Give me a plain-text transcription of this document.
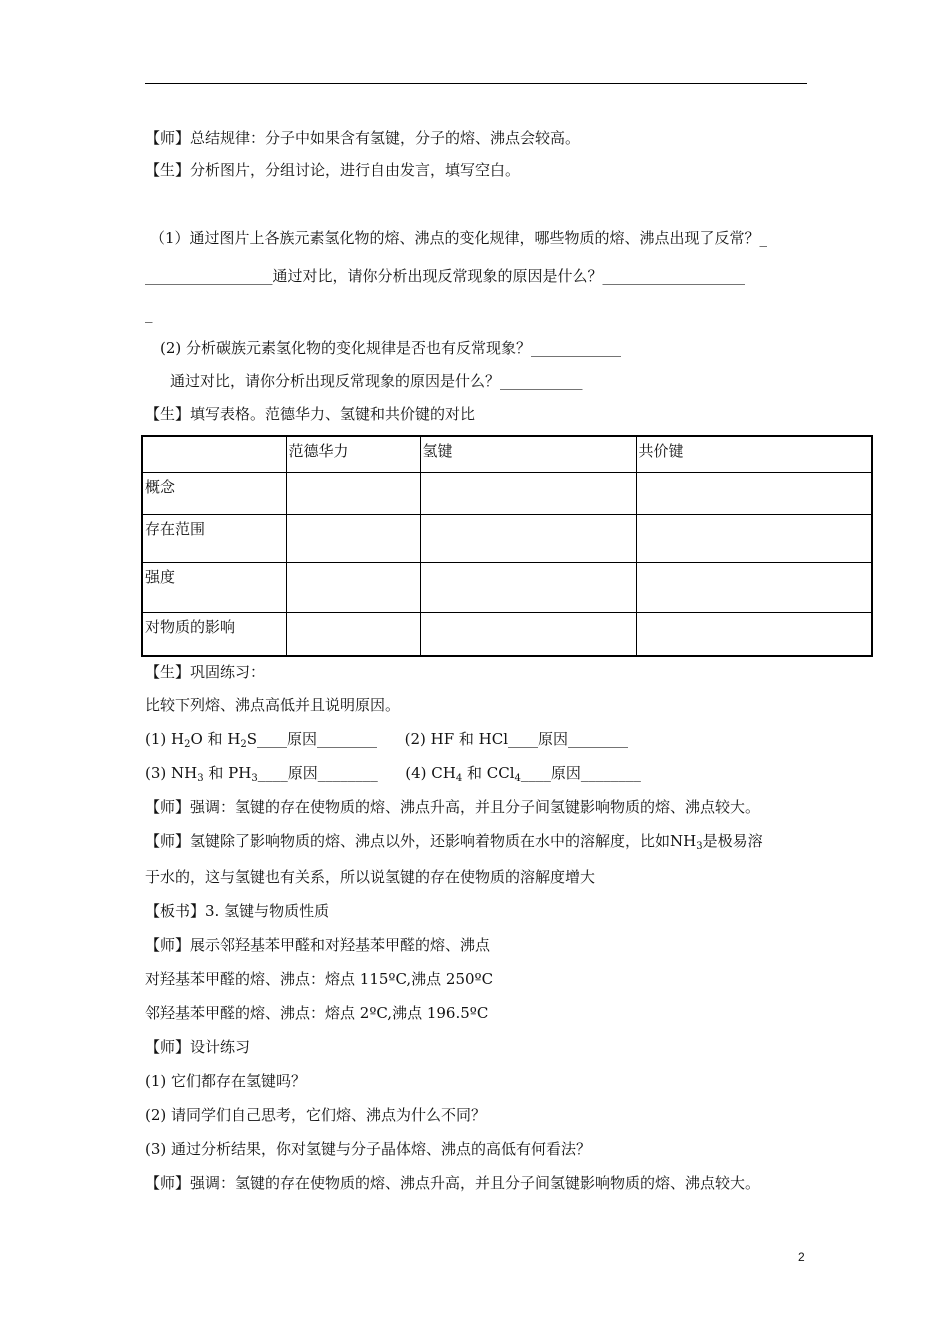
【师】总结规律：分子中如果含有氢键，分子的熔、沸点会较高。
【生】分析图片，分组讨论，进行自由发言，填写空白。
（1）通过图片上各族元素氢化物的熔、沸点的变化规律，哪些物质的熔、沸点出现了反常？_
_________________通过对比，请你分析出现反常现象的原因是什么？___________________
_
(2) 分析碳族元素氢化物的变化规律是否也有反常现象？____________
通过对比，请你分析出现反常现象的原因是什么？___________
【生】填写表格。范德华力、氢键和共价键的对比
	范德华力	氢键	共价键
概念			
存在范围			
强度			
对物质的影响			
【生】巩固练习：
比较下列熔、沸点高低并且说明原因。
(1) $H_2O$ 和 $H_2S\_\_\_\_$原因________ (2) HF 和 HCl____原因________
(3) $NH_3$ 和 $PH_3\_\_\_\_$原因________ (4) $CH_4$ 和 CCl$_4$____原因________
【师】强调：氢键的存在使物质的熔、沸点升高，并且分子间氢键影响物质的熔、沸点较大。
【师】氢键除了影响物质的熔、沸点以外，还影响着物质在水中的溶解度，比如$NH_3$是极易溶
于水的，这与氢键也有关系，所以说氢键的存在使物质的溶解度增大
【板书】3. 氢键与物质性质
【师】展示邻羟基苯甲醛和对羟基苯甲醛的熔、沸点
对羟基苯甲醛的熔、沸点：熔点 115ºC,沸点 250ºC
邻羟基苯甲醛的熔、沸点：熔点 2ºC,沸点 196.5ºC
【师】设计练习
(1) 它们都存在氢键吗？
(2) 请同学们自己思考，它们熔、沸点为什么不同？
(3) 通过分析结果，你对氢键与分子晶体熔、沸点的高低有何看法？
【师】强调：氢键的存在使物质的熔、沸点升高，并且分子间氢键影响物质的熔、沸点较大。
2
